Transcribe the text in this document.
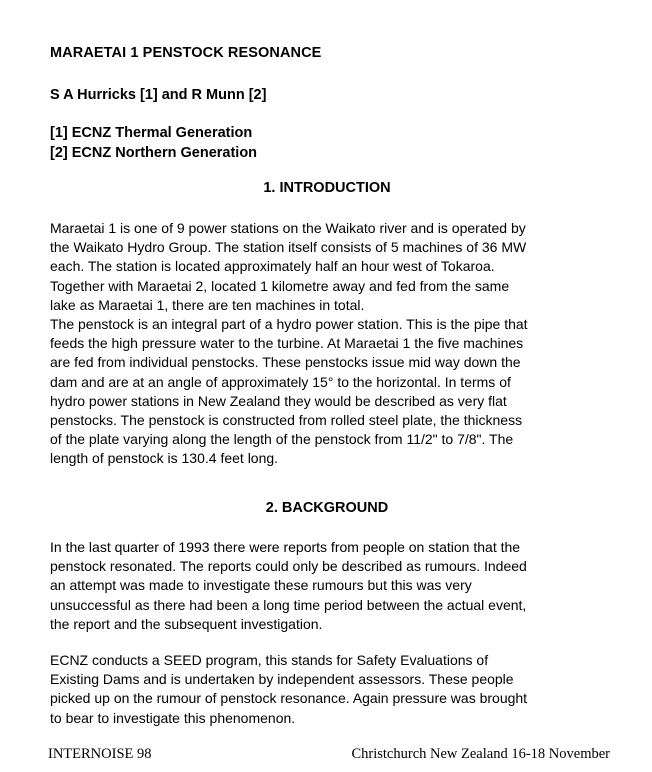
MARAETAI 1 PENSTOCK RESONANCE
S A Hurricks [1] and R Munn [2]
[1] ECNZ Thermal Generation
[2] ECNZ Northern Generation
1. INTRODUCTION
Maraetai 1 is one of 9 power stations on the Waikato river and is operated by
the Waikato Hydro Group. The station itself consists of 5 machines of 36 MW
each. The station is located approximately half an hour west of Tokaroa.
Together with Maraetai 2, located 1 kilometre away and fed from the same
lake as Maraetai 1, there are ten machines in total.
The penstock is an integral part of a hydro power station. This is the pipe that
feeds the high pressure water to the turbine. At Maraetai 1 the five machines
are fed from individual penstocks. These penstocks issue mid way down the
dam and are at an angle of approximately 15° to the horizontal. In terms of
hydro power stations in New Zealand they would be described as very flat
penstocks. The penstock is constructed from rolled steel plate, the thickness
of the plate varying along the length of the penstock from 11/2" to 7/8". The
length of penstock is 130.4 feet long.
2. BACKGROUND
In the last quarter of 1993 there were reports from people on station that the
penstock resonated. The reports could only be described as rumours. Indeed
an attempt was made to investigate these rumours but this was very
unsuccessful as there had been a long time period between the actual event,
the report and the subsequent investigation.
ECNZ conducts a SEED program, this stands for Safety Evaluations of
Existing Dams and is undertaken by independent assessors. These people
picked up on the rumour of penstock resonance. Again pressure was brought
to bear to investigate this phenomenon.
INTERNOISE 98	Christchurch New Zealand 16-18 November
